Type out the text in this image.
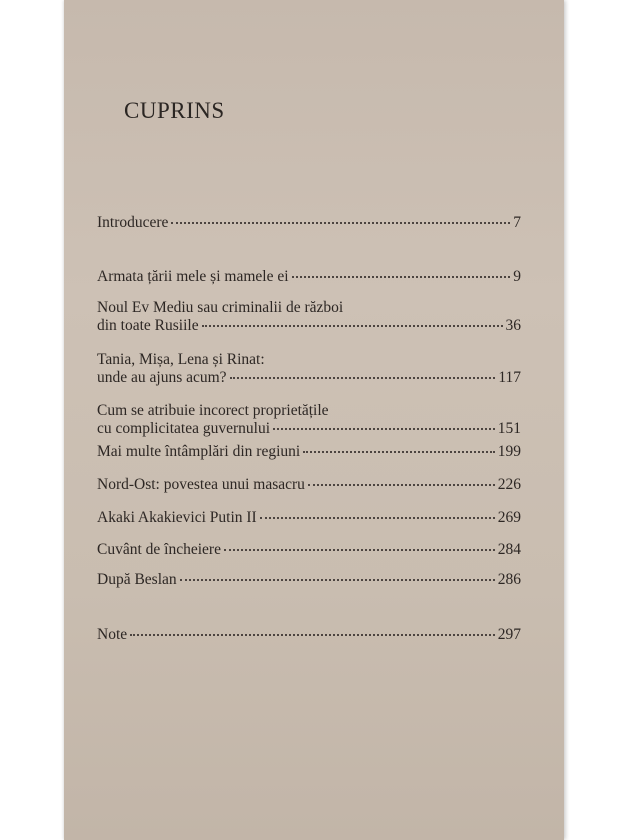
CUPRINS
Introducere	7
Armata țării mele și mamele ei	9
Noul Ev Mediu sau criminalii de război
din toate Rusiile	36
Tania, Mișa, Lena și Rinat:
unde au ajuns acum?	117
Cum se atribuie incorect proprietățile
cu complicitatea guvernului	151
Mai multe întâmplări din regiuni	199
Nord-Ost: povestea unui masacru	226
Akaki Akakievici Putin II	269
Cuvânt de încheiere	284
După Beslan	286
Note	297
